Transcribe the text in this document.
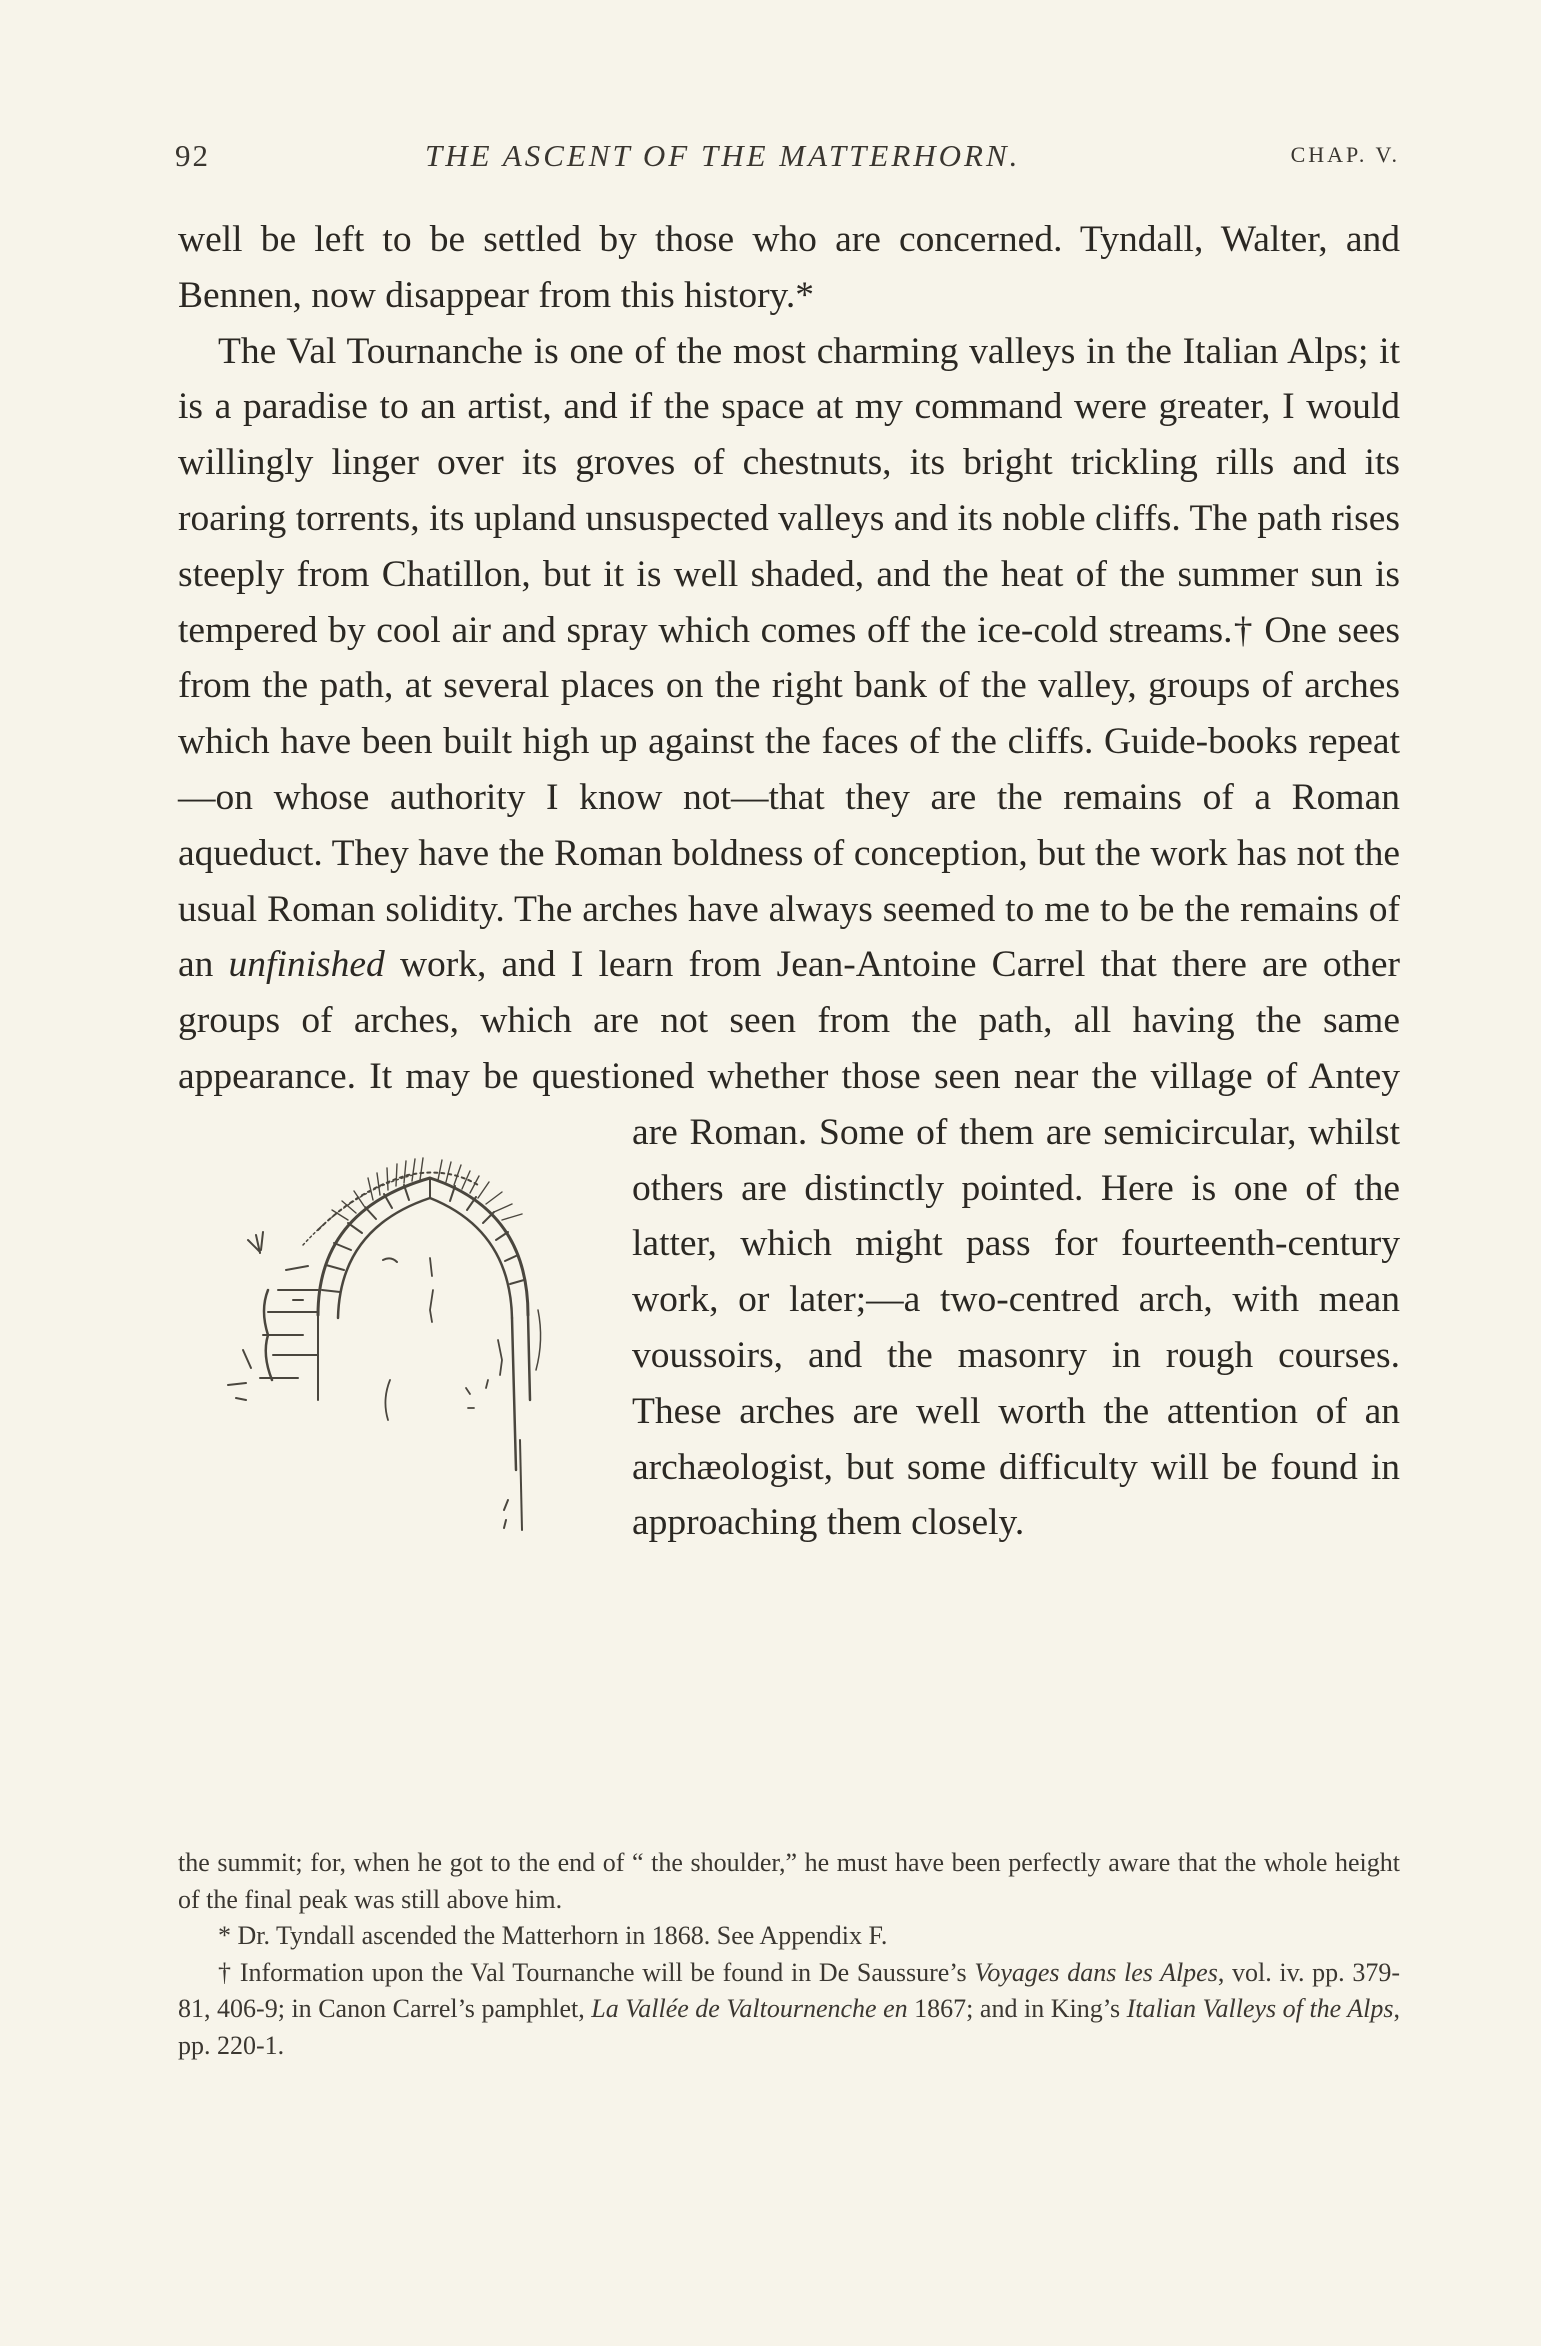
92	THE ASCENT OF THE MATTERHORN.	CHAP. V.

well be left to be settled by those who are concerned. Tyndall, Walter, and Bennen, now disappear from this history.*

The Val Tournanche is one of the most charming valleys in the Italian Alps; it is a paradise to an artist, and if the space at my command were greater, I would willingly linger over its groves of chestnuts, its bright trickling rills and its roaring torrents, its upland unsuspected valleys and its noble cliffs. The path rises steeply from Chatillon, but it is well shaded, and the heat of the summer sun is tempered by cool air and spray which comes off the ice-cold streams.† One sees from the path, at several places on the right bank of the valley, groups of arches which have been built high up against the faces of the cliffs. Guide-books repeat—on whose authority I know not—that they are the remains of a Roman aqueduct. They have the Roman boldness of conception, but the work has not the usual Roman solidity. The arches have always seemed to me to be the remains of an unfinished work, and I learn from Jean-Antoine Carrel that there are other groups of arches, which are not seen from the path, all having the same appearance. It may be questioned whether those seen near the village of Antey are Roman. Some of them are semicircular, whilst others are distinctly pointed. Here is one of the latter, which might pass for fourteenth-century work, or later;—a two-centred arch, with mean voussoirs, and the masonry in rough courses. These arches are well worth the attention of an archæologist, but some difficulty will be found in approaching them closely.

the summit; for, when he got to the end of “ the shoulder,” he must have been perfectly aware that the whole height of the final peak was still above him.

* Dr. Tyndall ascended the Matterhorn in 1868. See Appendix F.

† Information upon the Val Tournanche will be found in De Saussure’s Voyages dans les Alpes, vol. iv. pp. 379-81, 406-9; in Canon Carrel’s pamphlet, La Vallée de Valtournenche en 1867; and in King’s Italian Valleys of the Alps, pp. 220-1.
